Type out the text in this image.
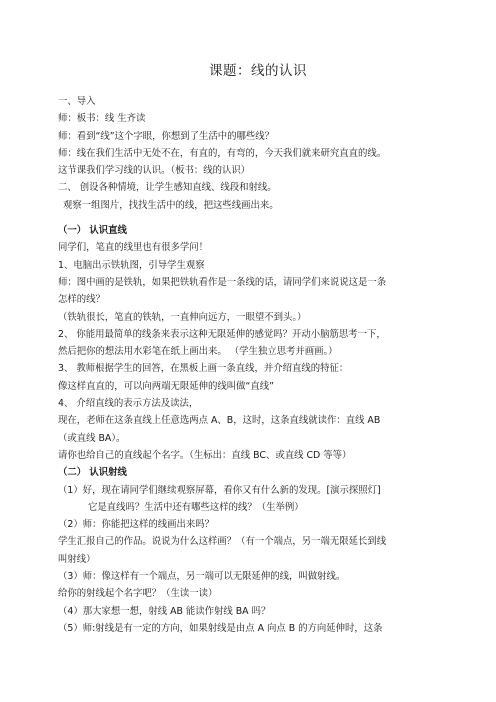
课题：线的认识
一、导入
师：板书：线 生齐读
师：看到“线”这个字眼，你想到了生活中的哪些线？
师：线在我们生活中无处不在，有直的，有弯的，今天我们就来研究直直的线。
这节课我们学习线的认识。（板书：线的认识）
二、 创设各种情境，让学生感知直线、线段和射线。
观察一组图片，找找生活中的线，把这些线画出来。
（一） 认识直线
同学们，笔直的线里也有很多学问！
1、电脑出示铁轨图，引导学生观察
师：图中画的是铁轨，如果把铁轨看作是一条线的话，请同学们来说说这是一条
怎样的线？
（铁轨很长，笔直的铁轨，一直伸向远方，一眼望不到头。）
2、 你能用最简单的线条来表示这种无限延伸的感觉吗？开动小脑筋思考一下，
然后把你的想法用水彩笔在纸上画出来。 （学生独立思考并画画。）
3、 教师根据学生的回答，在黑板上画一条直线，并介绍直线的特征：
像这样直直的，可以向两端无限延伸的线叫做“直线”
4、 介绍直线的表示方法及读法，
现在，老师在这条直线上任意选两点 A、B，这时，这条直线就读作：直线 AB
（或直线 BA）。
请你也给自己的直线起个名字。（生标出：直线 BC、或直线 CD 等等）
（二） 认识射线
（1）好，现在请同学们继续观察屏幕，看你又有什么新的发现。[演示探照灯]
它是直线吗？生活中还有哪些这样的线？（生举例）
（2）师：你能把这样的线画出来吗？
学生汇报自己的作品。说说为什么这样画？（有一个端点，另一端无限延长到线
叫射线）
（3）师：像这样有一个端点，另一端可以无限延伸的线，叫做射线。
给你的射线起个名字吧？（生读一读）
（4）那大家想一想，射线 AB 能读作射线 BA 吗？
（5）师:射线是有一定的方向，如果射线是由点 A 向点 B 的方向延伸时，这条
